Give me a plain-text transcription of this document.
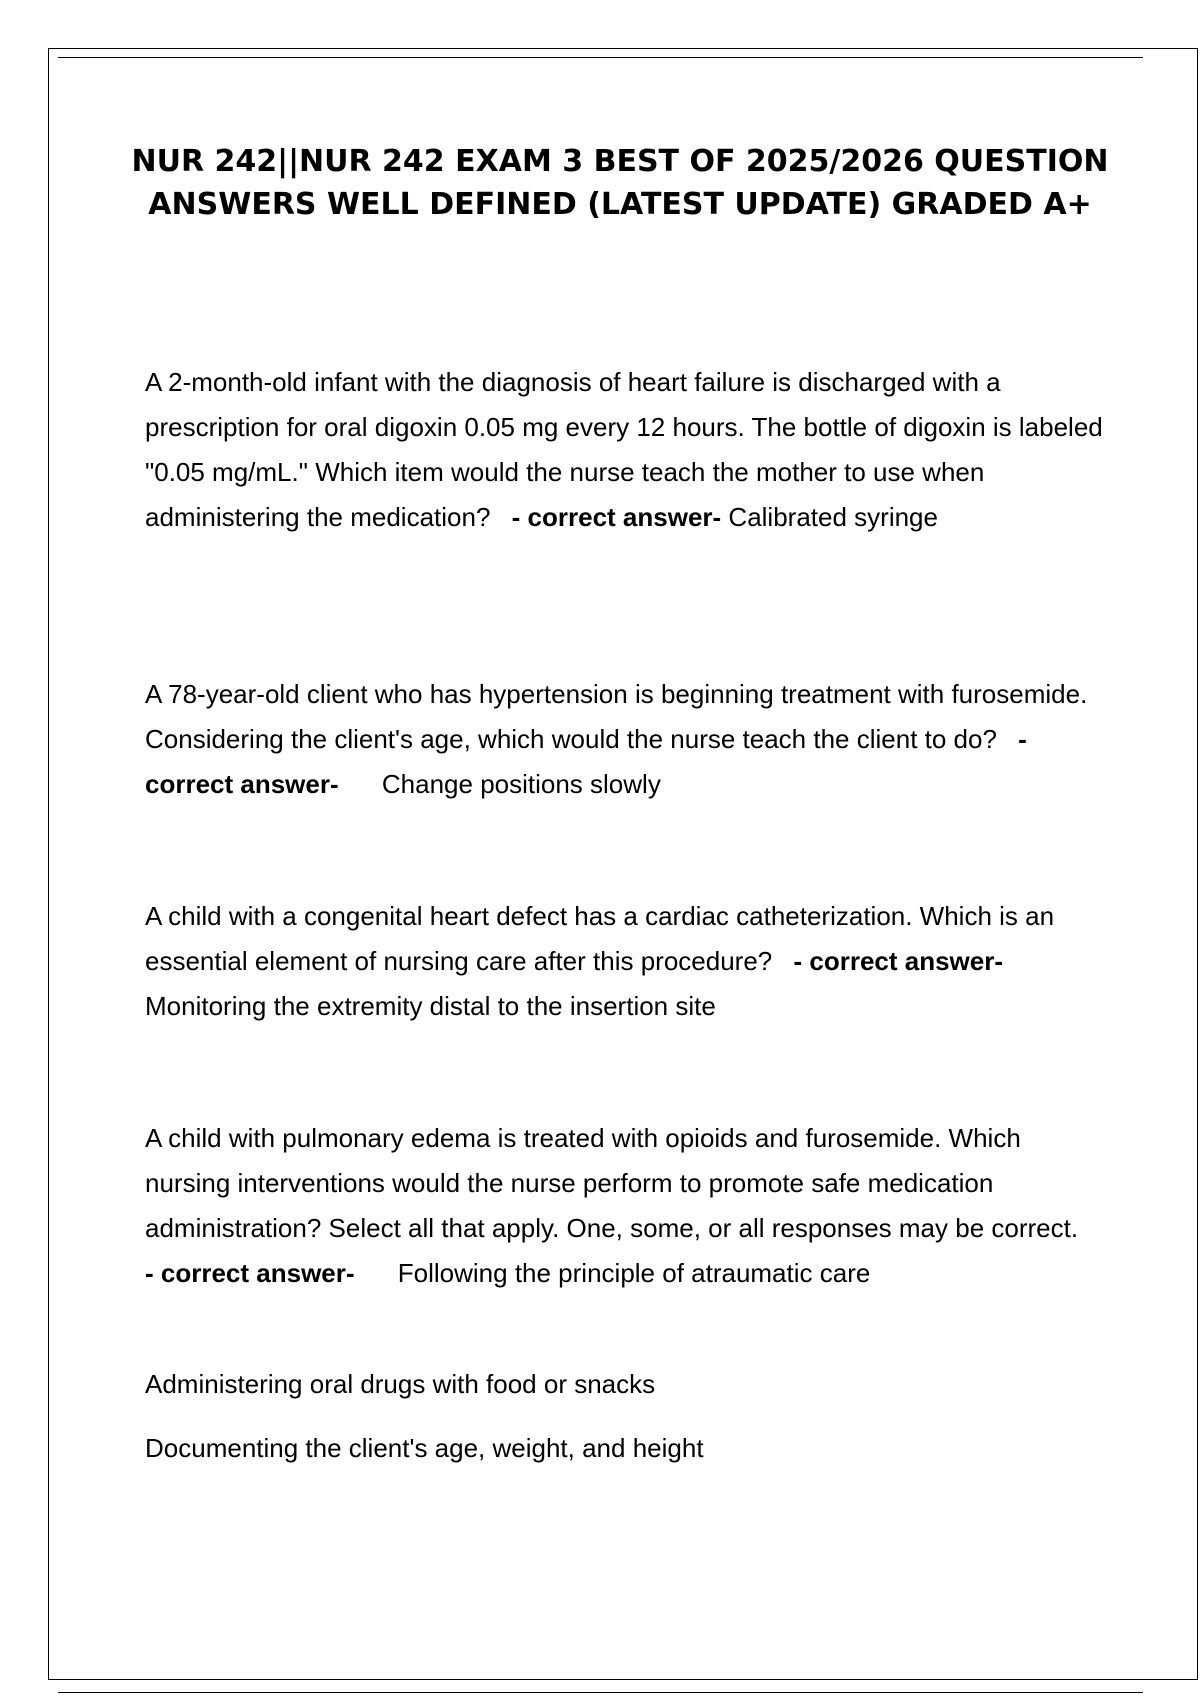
NUR 242||NUR 242 EXAM 3 BEST OF 2025/2026 QUESTION ANSWERS WELL DEFINED (LATEST UPDATE) GRADED A+

A 2-month-old infant with the diagnosis of heart failure is discharged with a prescription for oral digoxin 0.05 mg every 12 hours. The bottle of digoxin is labeled "0.05 mg/mL." Which item would the nurse teach the mother to use when administering the medication? - correct answer- Calibrated syringe

A 78-year-old client who has hypertension is beginning treatment with furosemide. Considering the client's age, which would the nurse teach the client to do? - correct answer- Change positions slowly

A child with a congenital heart defect has a cardiac catheterization. Which is an essential element of nursing care after this procedure? - correct answer- Monitoring the extremity distal to the insertion site

A child with pulmonary edema is treated with opioids and furosemide. Which nursing interventions would the nurse perform to promote safe medication administration? Select all that apply. One, some, or all responses may be correct. - correct answer- Following the principle of atraumatic care

Administering oral drugs with food or snacks

Documenting the client's age, weight, and height
